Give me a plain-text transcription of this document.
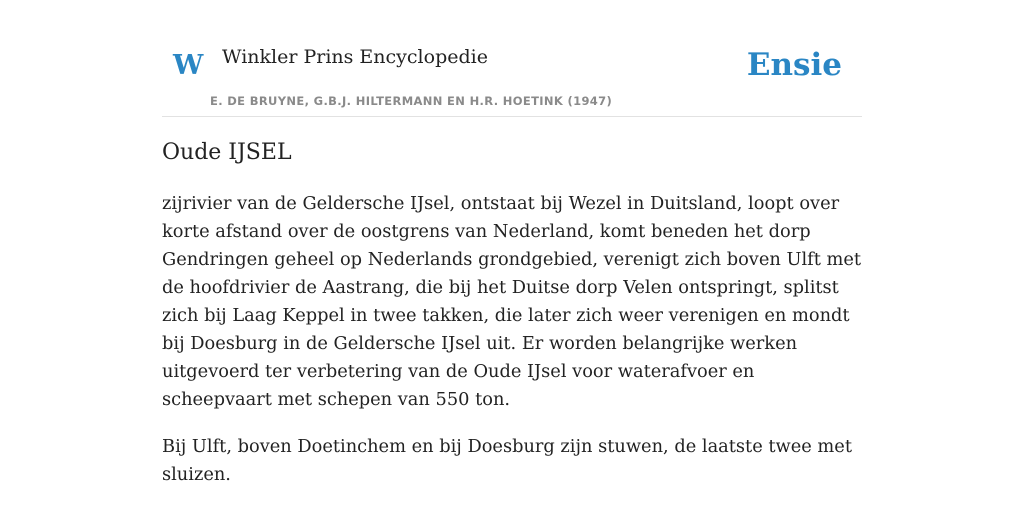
W Winkler Prins Encyclopedie
E. DE BRUYNE, G.B.J. HILTERMANN EN H.R. HOETINK (1947)
Ensie
Oude IJSEL

zijrivier van de Geldersche IJsel, ontstaat bij Wezel in Duitsland, loopt over korte afstand over de oostgrens van Nederland, komt beneden het dorp Gendringen geheel op Nederlands grondgebied, verenigt zich boven Ulft met de hoofdrivier de Aastrang, die bij het Duitse dorp Velen ontspringt, splitst zich bij Laag Keppel in twee takken, die later zich weer verenigen en mondt bij Doesburg in de Geldersche IJsel uit. Er worden belangrijke werken uitgevoerd ter verbetering van de Oude IJsel voor waterafvoer en scheepvaart met schepen van 550 ton.

Bij Ulft, boven Doetinchem en bij Doesburg zijn stuwen, de laatste twee met sluizen.
